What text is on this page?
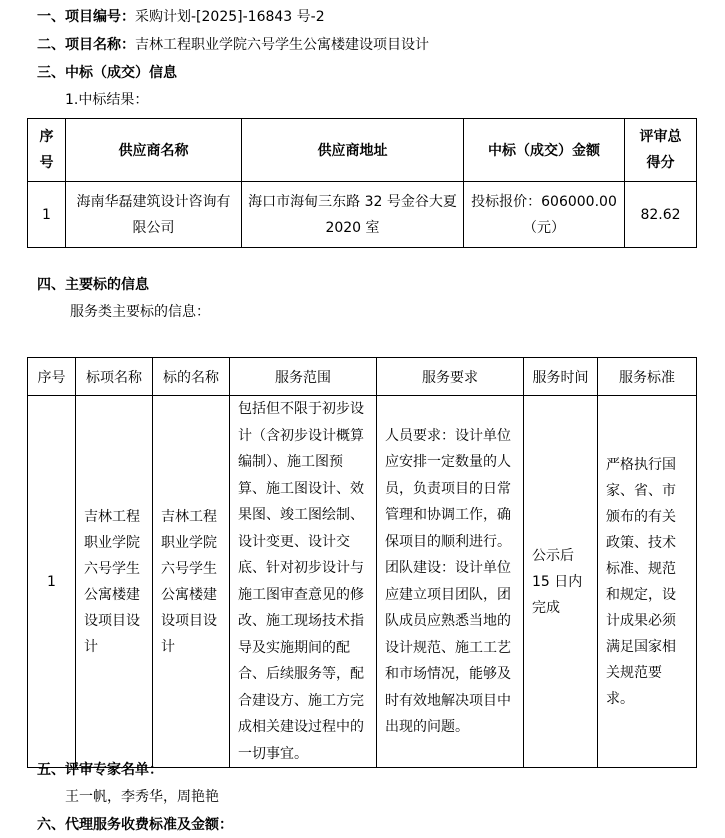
一、项目编号：采购计划-[2025]-16843 号-2
二、项目名称：吉林工程职业学院六号学生公寓楼建设项目设计
三、中标（成交）信息
1.中标结果：
序号	供应商名称	供应商地址	中标（成交）金额	评审总得分

1	海南华磊建筑设计咨询有限公司	海口市海甸三东路 32 号金谷大夏 2020 室	投标报价：606000.00（元）	82.62
四、主要标的信息
服务类主要标的信息：
序号	标项名称	标的名称	服务范围	服务要求	服务时间	服务标准
1	吉林工程职业学院六号学生公寓楼建设项目设计	吉林工程职业学院六号学生公寓楼建设项目设计	包括但不限于初步设计（含初步设计概算编制）、施工图预算、施工图设计、效果图、竣工图绘制、设计变更、设计交底、针对初步设计与施工图审查意见的修改、施工现场技术指导及实施期间的配合、后续服务等，配合建设方、施工方完成相关建设过程中的一切事宜。	人员要求：设计单位应安排一定数量的人员，负责项目的日常管理和协调工作，确保项目的顺利进行。团队建设：设计单位应建立项目团队，团队成员应熟悉当地的设计规范、施工工艺和市场情况，能够及时有效地解决项目中出现的问题。	公示后 15 日内完成	严格执行国家、省、市颁布的有关政策、技术标准、规范和规定，设计成果必须满足国家相关规范要求。
五、评审专家名单：
王一帆，李秀华，周艳艳
六、代理服务收费标准及金额：
